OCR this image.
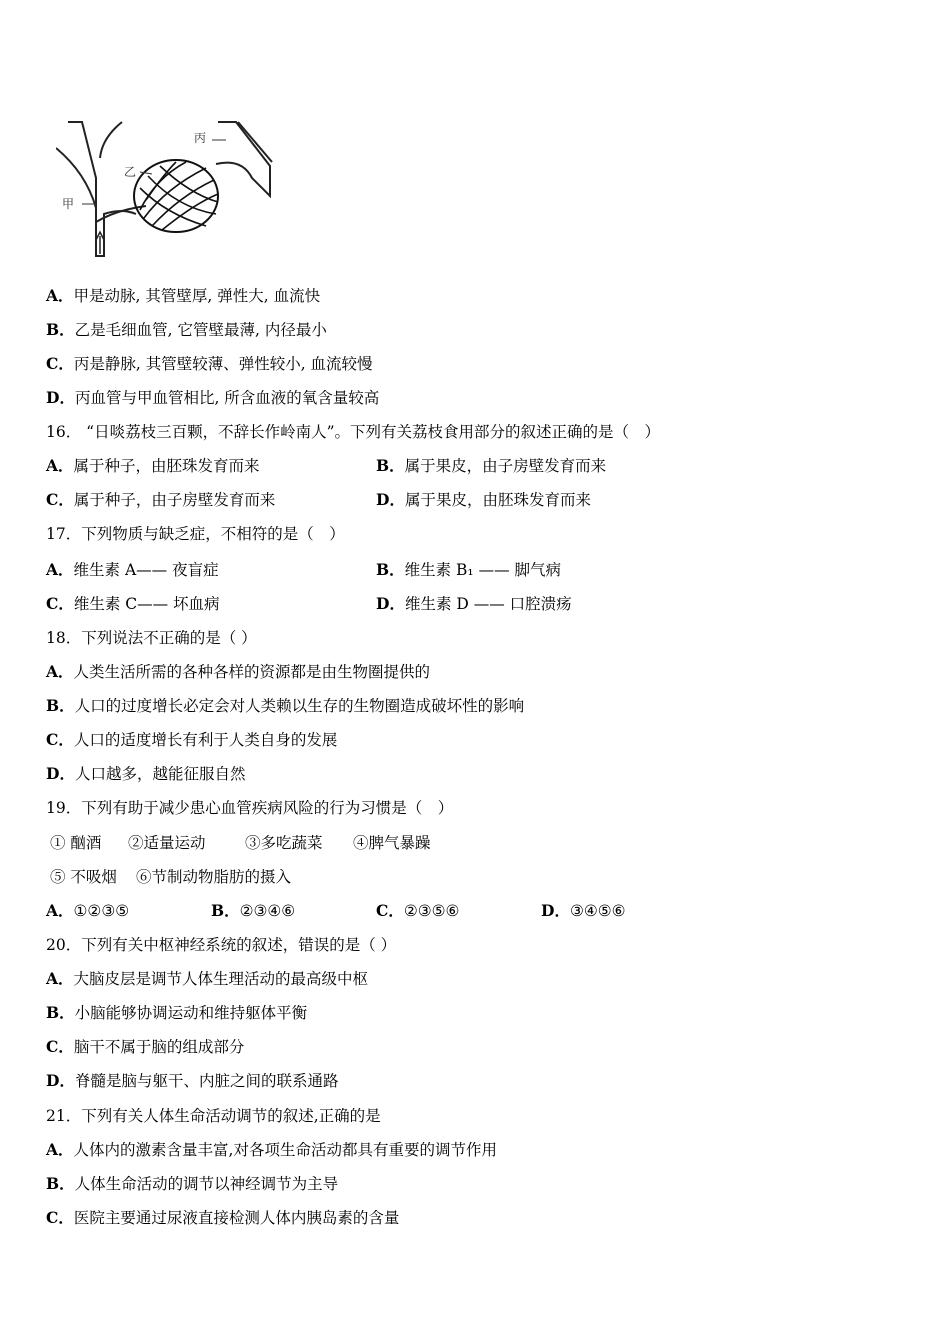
甲
乙
丙
A．甲是动脉, 其管壁厚, 弹性大, 血流快
B．乙是毛细血管, 它管壁最薄, 内径最小
C．丙是静脉, 其管壁较薄、弹性较小, 血流较慢
D．丙血管与甲血管相比, 所含血液的氧含量较高
16． “日啖荔枝三百颗，不辞长作岭南人”。下列有关荔枝食用部分的叙述正确的是（　）
A．属于种子，由胚珠发育而来	B．属于果皮，由子房壁发育而来
C．属于种子，由子房壁发育而来	D．属于果皮，由胚珠发育而来
17．下列物质与缺乏症，不相符的是（　）
A．维生素 A—— 夜盲症	B．维生素 B₁ —— 脚气病
C．维生素 C—— 坏血病	D．维生素 D —— 口腔溃疡
18．下列说法不正确的是（ ）
A．人类生活所需的各种各样的资源都是由生物圈提供的
B．人口的过度增长必定会对人类赖以生存的生物圈造成破坏性的影响
C．人口的适度增长有利于人类自身的发展
D．人口越多，越能征服自然
19．下列有助于减少患心血管疾病风险的行为习惯是（　）
① 酗酒 ②适量运动	③多吃蔬菜 ④脾气暴躁
⑤ 不吸烟 ⑥节制动物脂肪的摄入
A．①②③⑤	B．②③④⑥	C．②③⑤⑥	D．③④⑤⑥
20．下列有关中枢神经系统的叙述，错误的是（ ）
A．大脑皮层是调节人体生理活动的最高级中枢
B．小脑能够协调运动和维持躯体平衡
C．脑干不属于脑的组成部分
D．脊髓是脑与躯干、内脏之间的联系通路
21．下列有关人体生命活动调节的叙述,正确的是
A．人体内的激素含量丰富,对各项生命活动都具有重要的调节作用
B．人体生命活动的调节以神经调节为主导
C．医院主要通过尿液直接检测人体内胰岛素的含量
